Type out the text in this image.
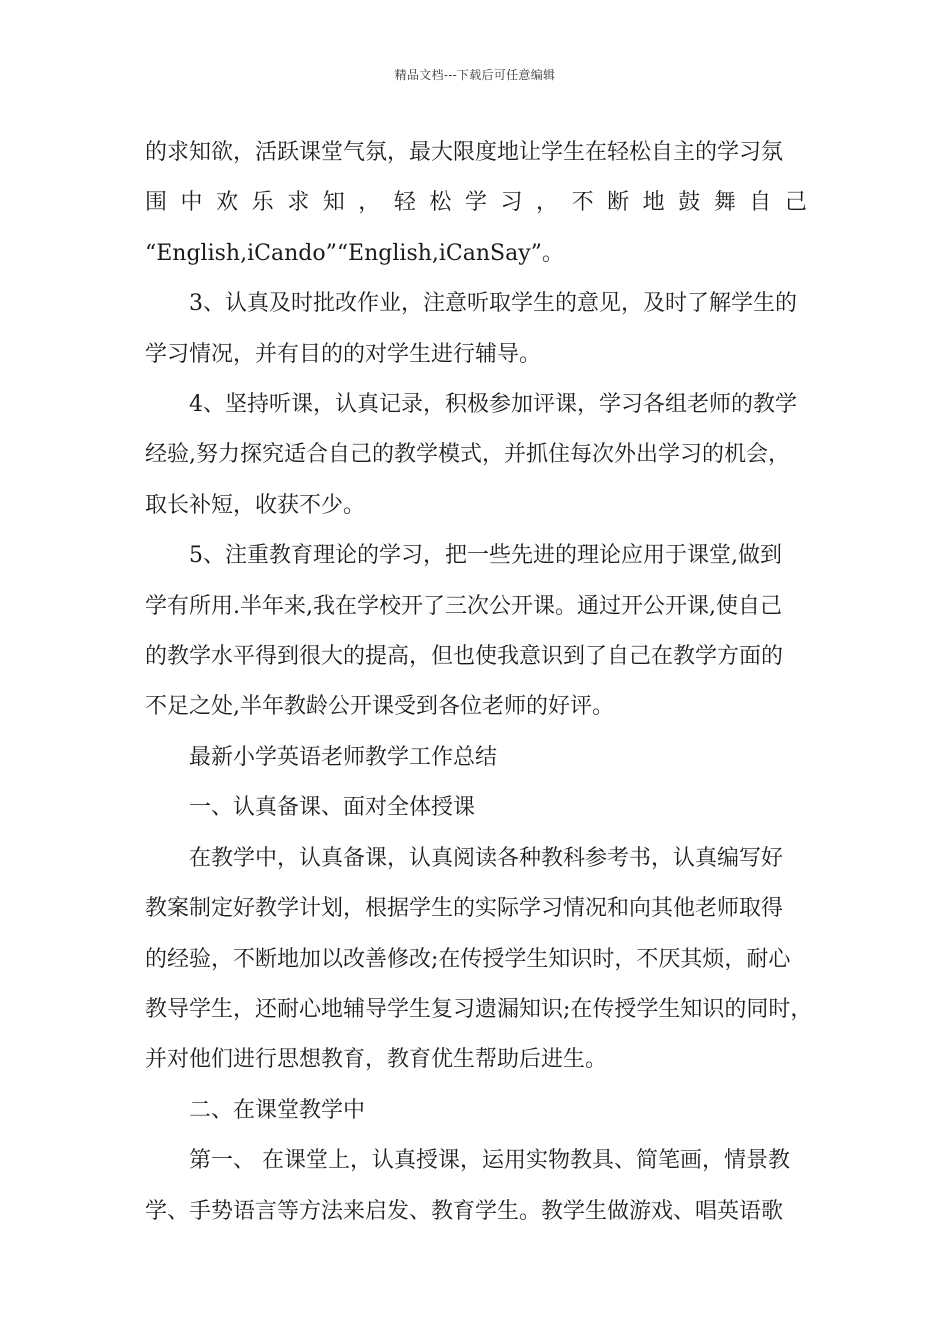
精品文档---下载后可任意编辑
的求知欲，活跃课堂气氛，最大限度地让学生在轻松自主的学习氛
围 中 欢 乐 求 知 ， 轻 松 学 习 ， 不 断 地 鼓 舞 自 己
“English,iCando”“English,iCanSay”。
3、认真及时批改作业，注意听取学生的意见，及时了解学生的
学习情况，并有目的的对学生进行辅导。
4、坚持听课，认真记录，积极参加评课，学习各组老师的教学
经验,努力探究适合自己的教学模式，并抓住每次外出学习的机会，
取长补短，收获不少。
5、注重教育理论的学习，把一些先进的理论应用于课堂,做到
学有所用.半年来,我在学校开了三次公开课。通过开公开课,使自己
的教学水平得到很大的提高，但也使我意识到了自己在教学方面的
不足之处,半年教龄公开课受到各位老师的好评。
最新小学英语老师教学工作总结
一、认真备课、面对全体授课
在教学中，认真备课，认真阅读各种教科参考书，认真编写好
教案制定好教学计划，根据学生的实际学习情况和向其他老师取得
的经验，不断地加以改善修改;在传授学生知识时，不厌其烦，耐心
教导学生，还耐心地辅导学生复习遗漏知识;在传授学生知识的同时，
并对他们进行思想教育，教育优生帮助后进生。
二、在课堂教学中
第一、 在课堂上，认真授课，运用实物教具、简笔画，情景教
学、手势语言等方法来启发、教育学生。教学生做游戏、唱英语歌
